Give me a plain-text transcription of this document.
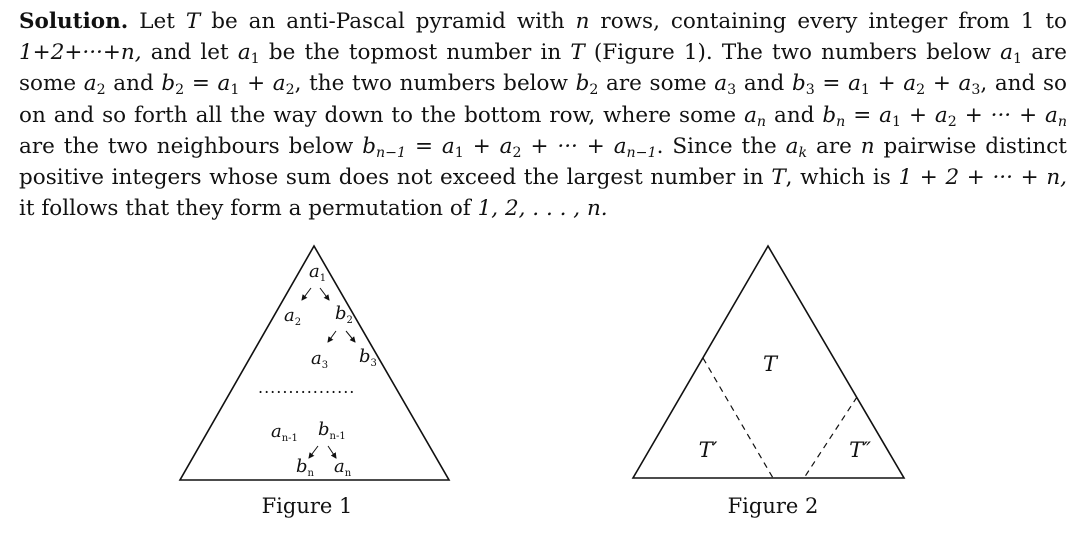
Solution. Let T be an anti-Pascal pyramid with n rows, containing every integer from 1 to 1+2+···+n, and let $a_1$ be the topmost number in T (Figure 1). The two numbers below $a_1$ are some $a_2$ and $b_2 = a_1 + a_2$, the two numbers below $b_2$ are some $a_3$ and $b_3 = a_1 + a_2 + a_3$, and so on and so forth all the way down to the bottom row, where some $a_n$ and $b_n = a_1 + a_2$ + ··· + $a_n$ are the two neighbours below $b_{n-1} = a_1 + a_2$ + ··· + $a_{n-1}$. Since the $a_k$ are n pairwise distinct positive integers whose sum does not exceed the largest number in T, which is 1 + 2 + ··· + n, it follows that they form a permutation of 1, 2, . . . , n.
$a_1$
$a_2$ $b_2$
$a_3$ $b_3$
................
$a_{n-1}$ $b_{n-1}$
$b_n$ $a_n$
Figure 1
T
T′	T″
Figure 2
